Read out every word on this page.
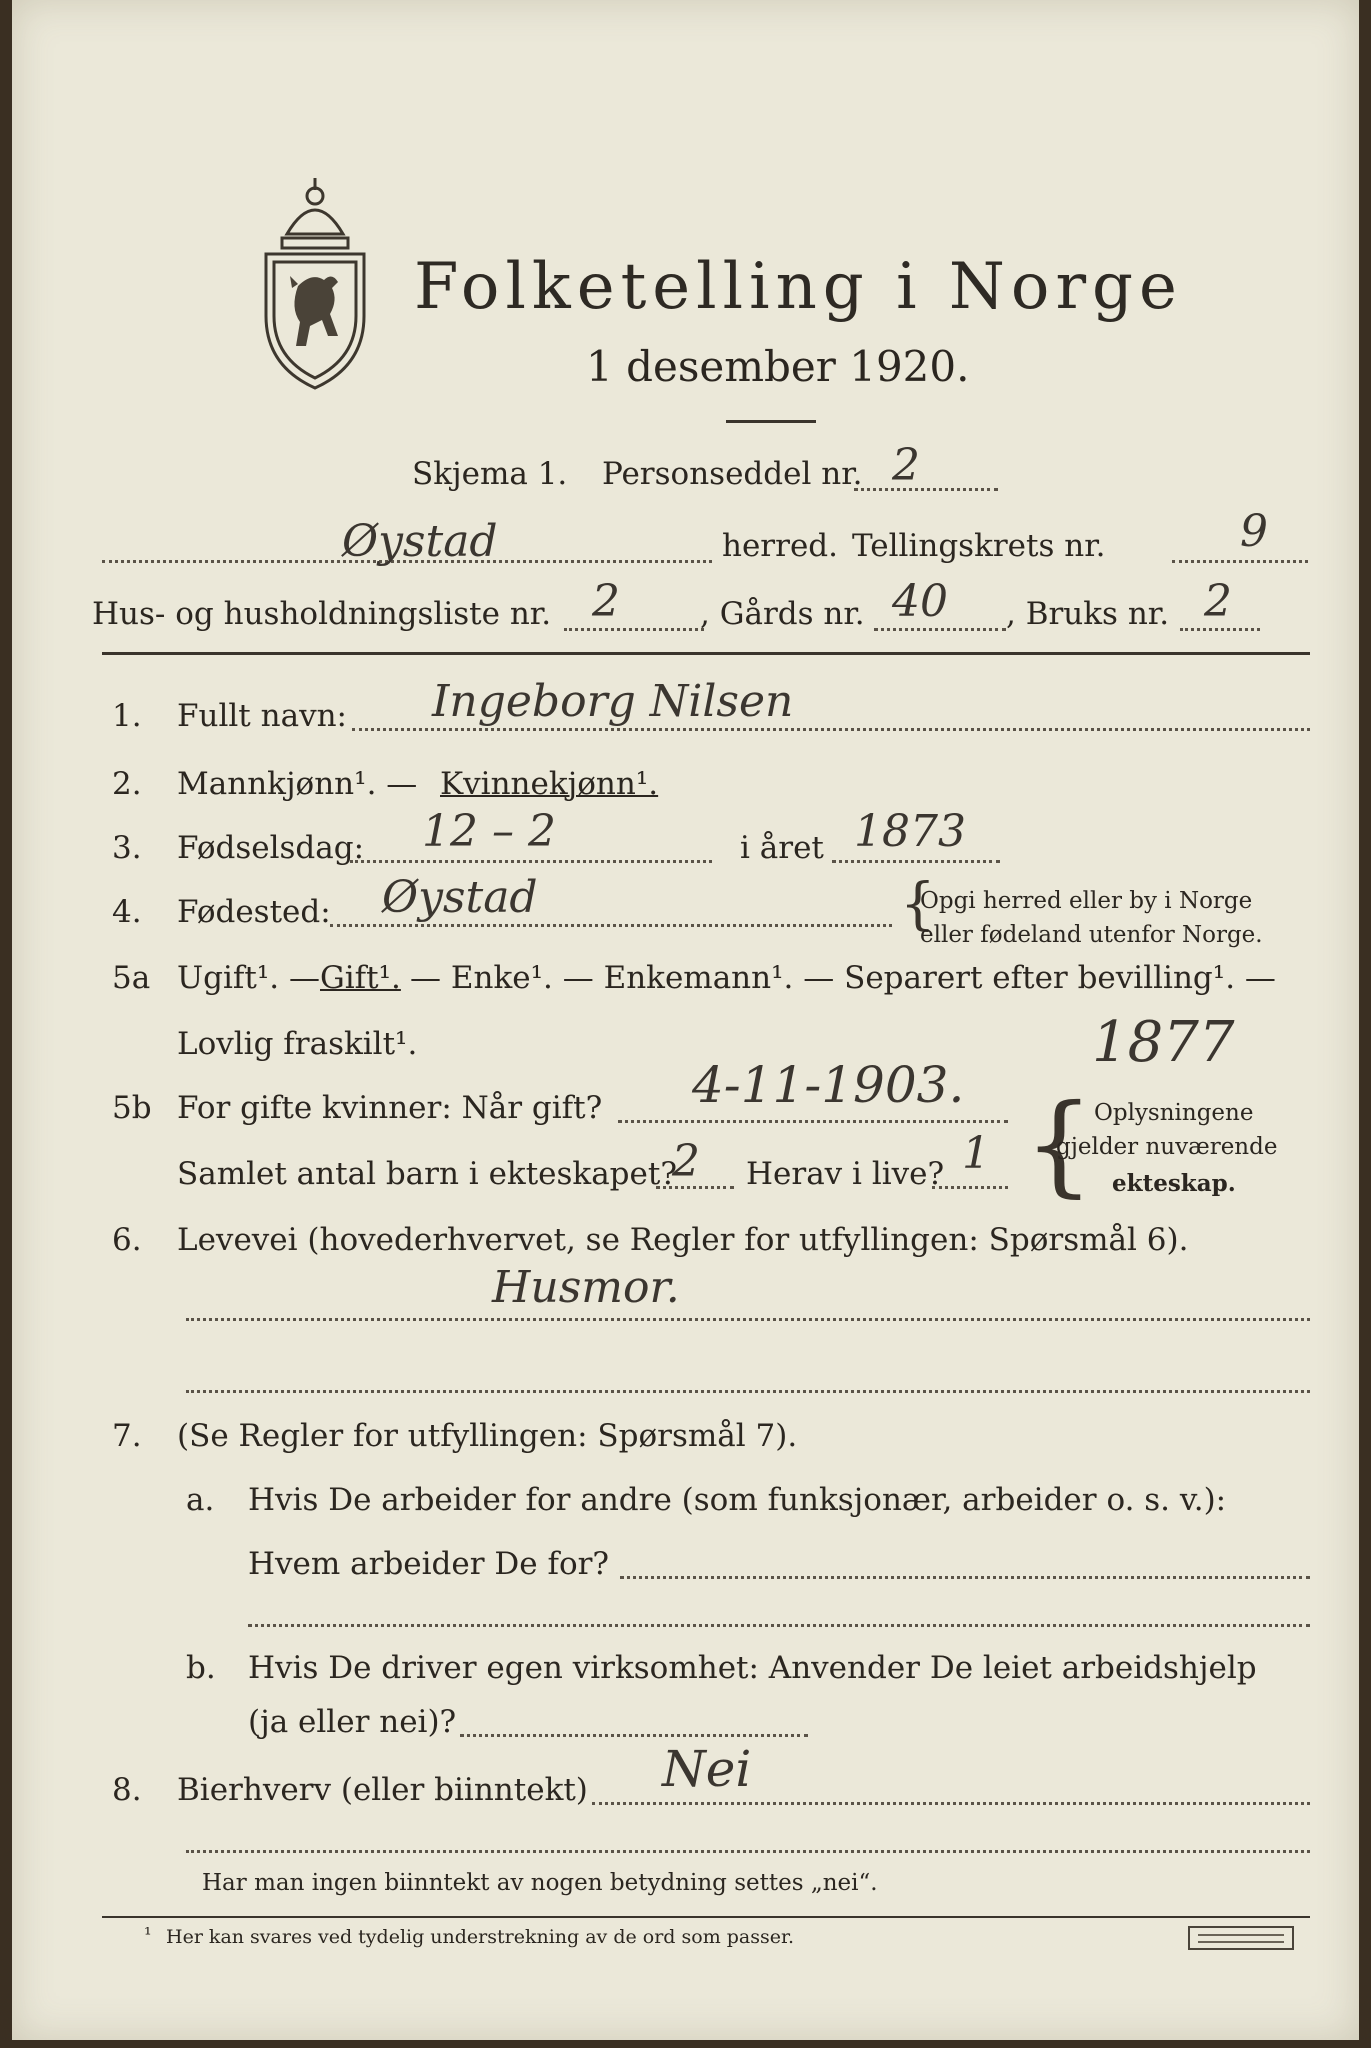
Folketelling i Norge
1 desember 1920.
Skjema 1. Personseddel nr. 2
Øystad	herred. Tellingskrets nr.	9
Hus- og husholdningsliste nr. 2	, Gårds nr. 40 , Bruks nr. 2
1. Fullt navn: Ingeborg Nilsen
2. Mannkjønn¹. — Kvinnekjønn¹.
3. Fødselsdag: 12 – 2	i året 1873
4. Fødested: Øystad	{
Opgi herred eller by i Norge
eller fødeland utenfor Norge.
5a Ugift¹. — Gift¹. — Enke¹. — Enkemann¹. — Separert efter bevilling¹. —
Lovlig fraskilt¹.	1877
5b For gifte kvinner: Når gift? 4-11-1903.
Samlet antal barn i ekteskapet?
2 Herav i live? 1 { Oplysningene
gjelder nuværende
ekteskap.
6. Levevei (hovederhvervet, se Regler for utfyllingen: Spørsmål 6).
Husmor.
7. (Se Regler for utfyllingen: Spørsmål 7).
a. Hvis De arbeider for andre (som funksjonær, arbeider o. s. v.):
Hvem arbeider De for?
b. Hvis De driver egen virksomhet: Anvender De leiet arbeidshjelp
(ja eller nei)?
8. Bierhverv (eller biinntekt) Nei
Har man ingen biinntekt av nogen betydning settes „nei“.
¹ Her kan svares ved tydelig understrekning av de ord som passer.
